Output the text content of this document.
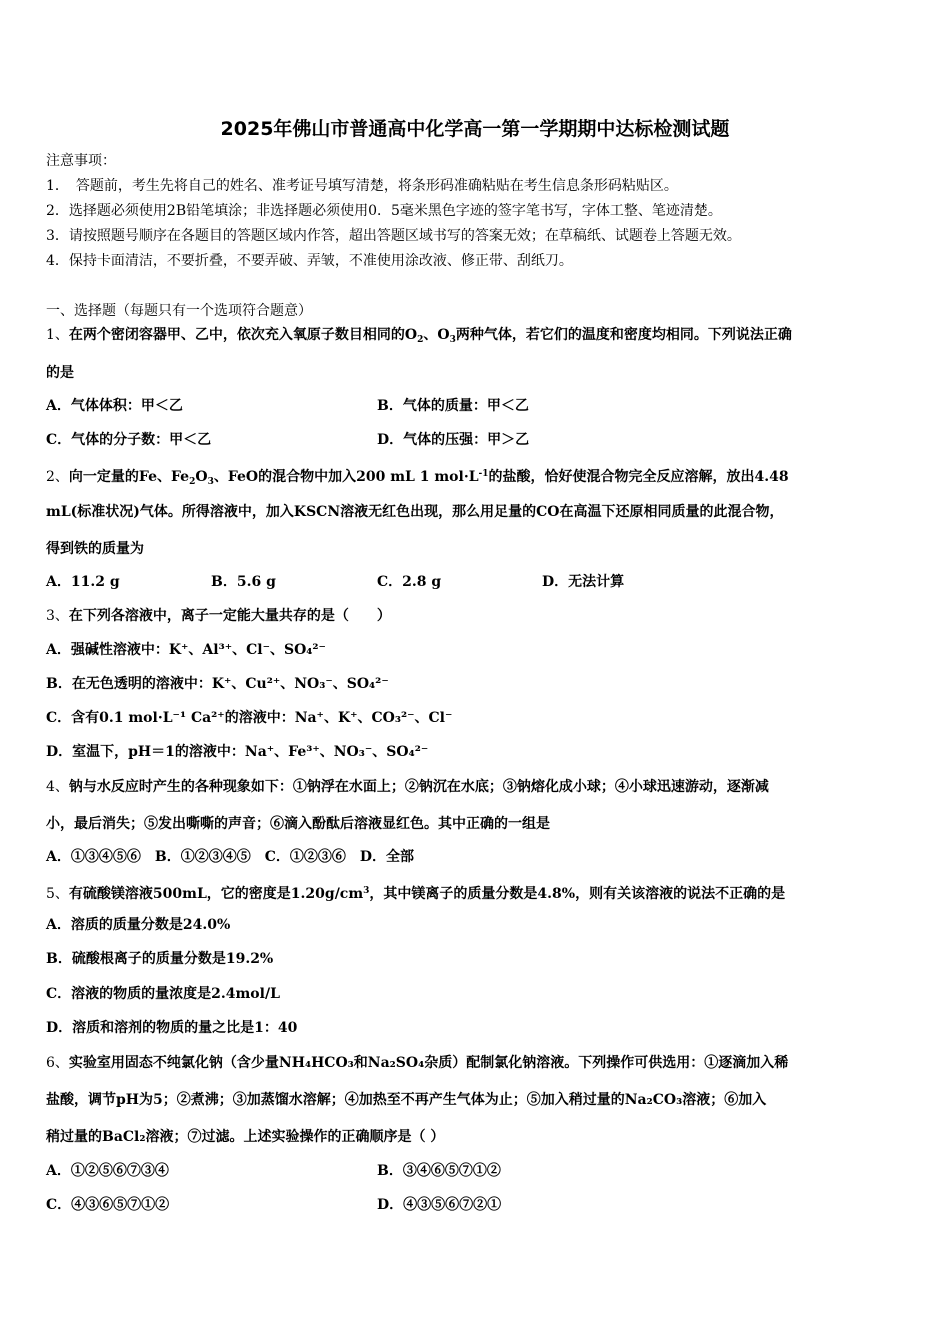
2025年佛山市普通高中化学高一第一学期期中达标检测试题
注意事项：
1．　答题前，考生先将自己的姓名、准考证号填写清楚，将条形码准确粘贴在考生信息条形码粘贴区。
2．选择题必须使用2B铅笔填涂；非选择题必须使用0．5毫米黑色字迹的签字笔书写，字体工整、笔迹清楚。
3．请按照题号顺序在各题目的答题区域内作答，超出答题区域书写的答案无效；在草稿纸、试题卷上答题无效。
4．保持卡面清洁，不要折叠，不要弄破、弄皱，不准使用涂改液、修正带、刮纸刀。
一、选择题（每题只有一个选项符合题意）
1、在两个密闭容器甲、乙中，依次充入氧原子数目相同的$O_2$、$O_3$两种气体，若它们的温度和密度均相同。下列说法正确
的是
A．气体体积：甲＜乙	B．气体的质量：甲＜乙
C．气体的分子数：甲＜乙	D．气体的压强：甲＞乙
2、向一定量的Fe、$Fe_2O_3$、FeO的混合物中加入200 mL 1 $mol\cdot L^{-1}$的盐酸，恰好使混合物完全反应溶解，放出4.48
mL(标准状况)气体。所得溶液中，加入KSCN溶液无红色出现，那么用足量的CO在高温下还原相同质量的此混合物，
得到铁的质量为
A．11.2 g	B．5.6 g	C．2.8 g	D．无法计算
3、在下列各溶液中，离子一定能大量共存的是（　　）
A．强碱性溶液中：K⁺、Al³⁺、Cl⁻、SO₄²⁻
B．在无色透明的溶液中：K⁺、Cu²⁺、NO₃⁻、SO₄²⁻
C．含有0.1 mol·L⁻¹ Ca²⁺的溶液中：Na⁺、K⁺、CO₃²⁻、Cl⁻
D．室温下，pH＝1的溶液中：Na⁺、Fe³⁺、NO₃⁻、SO₄²⁻
4、钠与水反应时产生的各种现象如下：①钠浮在水面上；②钠沉在水底；③钠熔化成小球；④小球迅速游动，逐渐减
小，最后消失；⑤发出嘶嘶的声音；⑥滴入酚酞后溶液显红色。其中正确的一组是
A．①③④⑤⑥　B．①②③④⑤　C．①②③⑥　D．全部
5、有硫酸镁溶液500mL，它的密度是$1.20g/cm^3$，其中镁离子的质量分数是4.8%，则有关该溶液的说法不正确的是
A．溶质的质量分数是24.0%
B．硫酸根离子的质量分数是19.2%
C．溶液的物质的量浓度是2.4mol/L
D．溶质和溶剂的物质的量之比是1：40
6、实验室用固态不纯氯化钠（含少量NH₄HCO₃和Na₂SO₄杂质）配制氯化钠溶液。下列操作可供选用：①逐滴加入稀
盐酸，调节pH为5；②煮沸；③加蒸馏水溶解；④加热至不再产生气体为止；⑤加入稍过量的Na₂CO₃溶液；⑥加入
稍过量的BaCl₂溶液；⑦过滤。上述实验操作的正确顺序是（ ）
A．①②⑤⑥⑦③④	B．③④⑥⑤⑦①②
C．④③⑥⑤⑦①②	D．④③⑤⑥⑦②①
